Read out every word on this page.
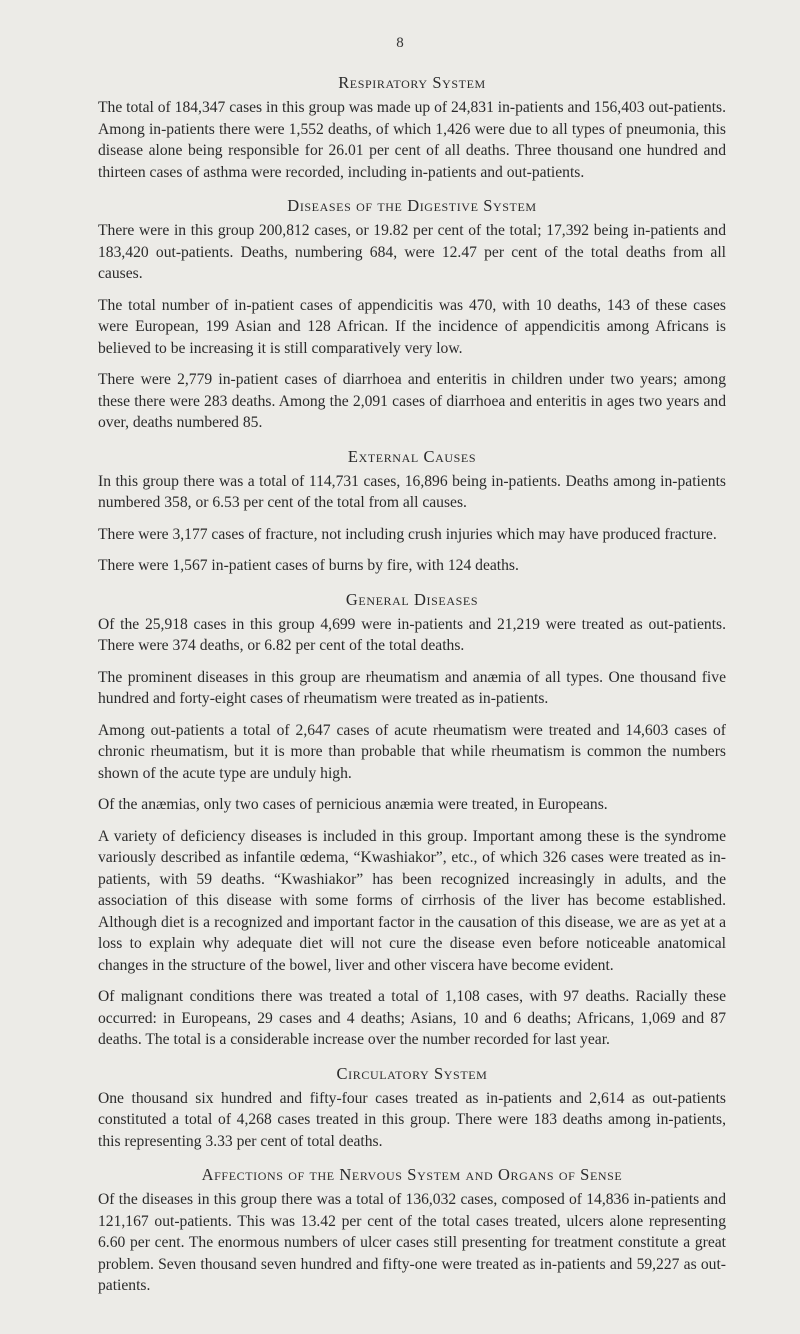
8
Respiratory System

The total of 184,347 cases in this group was made up of 24,831 in-patients and 156,403 out-patients. Among in-patients there were 1,552 deaths, of which 1,426 were due to all types of pneumonia, this disease alone being responsible for 26.01 per cent of all deaths. Three thousand one hundred and thirteen cases of asthma were recorded, including in-patients and out-patients.

Diseases of the Digestive System

There were in this group 200,812 cases, or 19.82 per cent of the total; 17,392 being in-patients and 183,420 out-patients. Deaths, numbering 684, were 12.47 per cent of the total deaths from all causes.

The total number of in-patient cases of appendicitis was 470, with 10 deaths, 143 of these cases were European, 199 Asian and 128 African. If the incidence of appendicitis among Africans is believed to be increasing it is still comparatively very low.

There were 2,779 in-patient cases of diarrhoea and enteritis in children under two years; among these there were 283 deaths. Among the 2,091 cases of diarrhoea and enteritis in ages two years and over, deaths numbered 85.

External Causes

In this group there was a total of 114,731 cases, 16,896 being in-patients. Deaths among in-patients numbered 358, or 6.53 per cent of the total from all causes.

There were 3,177 cases of fracture, not including crush injuries which may have produced fracture.

There were 1,567 in-patient cases of burns by fire, with 124 deaths.

General Diseases

Of the 25,918 cases in this group 4,699 were in-patients and 21,219 were treated as out-patients. There were 374 deaths, or 6.82 per cent of the total deaths.

The prominent diseases in this group are rheumatism and anæmia of all types. One thousand five hundred and forty-eight cases of rheumatism were treated as in-patients.

Among out-patients a total of 2,647 cases of acute rheumatism were treated and 14,603 cases of chronic rheumatism, but it is more than probable that while rheumatism is common the numbers shown of the acute type are unduly high.

Of the anæmias, only two cases of pernicious anæmia were treated, in Europeans.

A variety of deficiency diseases is included in this group. Important among these is the syndrome variously described as infantile œdema, “Kwashiakor”, etc., of which 326 cases were treated as in-patients, with 59 deaths. “Kwashiakor” has been recognized increasingly in adults, and the association of this disease with some forms of cirrhosis of the liver has become established. Although diet is a recognized and important factor in the causation of this disease, we are as yet at a loss to explain why adequate diet will not cure the disease even before noticeable anatomical changes in the structure of the bowel, liver and other viscera have become evident.

Of malignant conditions there was treated a total of 1,108 cases, with 97 deaths. Racially these occurred: in Europeans, 29 cases and 4 deaths; Asians, 10 and 6 deaths; Africans, 1,069 and 87 deaths. The total is a considerable increase over the number recorded for last year.

Circulatory System

One thousand six hundred and fifty-four cases treated as in-patients and 2,614 as out-patients constituted a total of 4,268 cases treated in this group. There were 183 deaths among in-patients, this representing 3.33 per cent of total deaths.

Affections of the Nervous System and Organs of Sense

Of the diseases in this group there was a total of 136,032 cases, composed of 14,836 in-patients and 121,167 out-patients. This was 13.42 per cent of the total cases treated, ulcers alone representing 6.60 per cent. The enormous numbers of ulcer cases still presenting for treatment constitute a great problem. Seven thousand seven hundred and fifty-one were treated as in-patients and 59,227 as out-patients.
